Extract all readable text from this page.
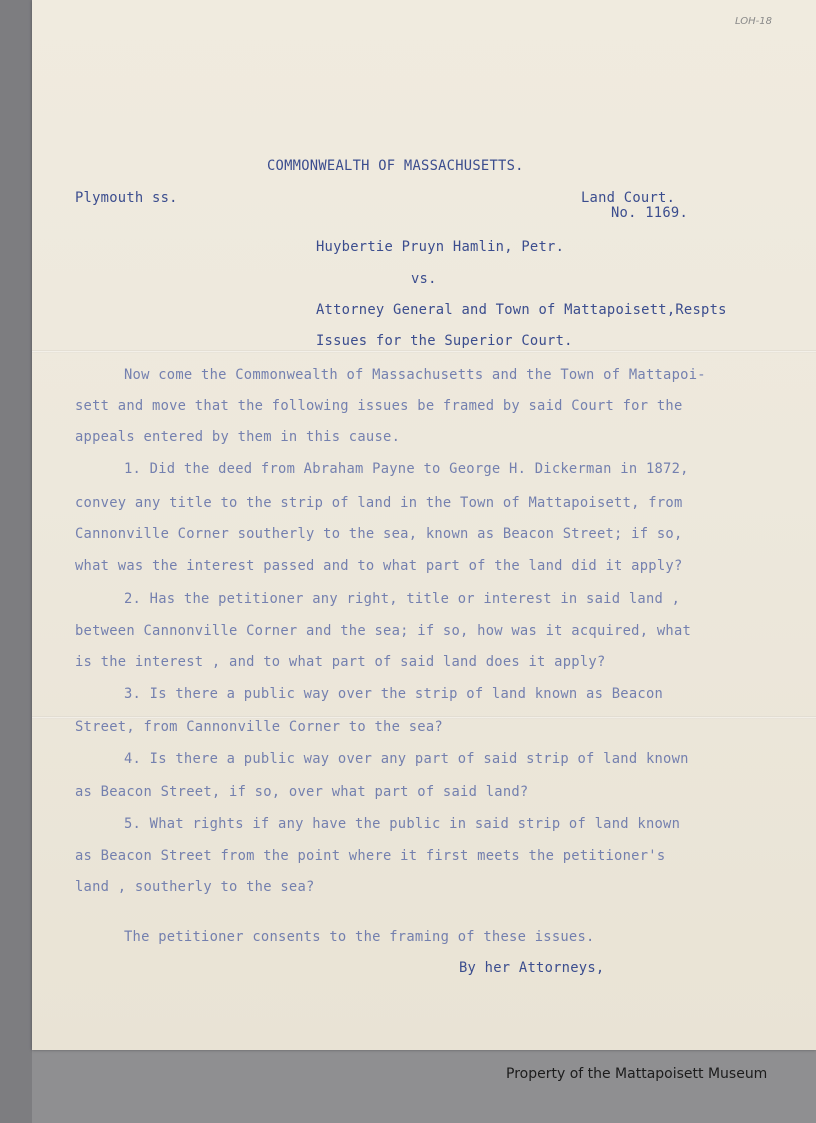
LOH-18
COMMONWEALTH OF MASSACHUSETTS.
Plymouth ss.	Land Court.
No. 1169.
Huybertie Pruyn Hamlin, Petr.
vs.
Attorney General and Town of Mattapoisett,Respts
Issues for the Superior Court.
Now come the Commonwealth of Massachusetts and the Town of Mattapoi-
sett and move that the following issues be framed by said Court for the
appeals entered by them in this cause.
1. Did the deed from Abraham Payne to George H. Dickerman in 1872,
convey any title to the strip of land in the Town of Mattapoisett, from
Cannonville Corner southerly to the sea, known as Beacon Street; if so,
what was the interest passed and to what part of the land did it apply?
2. Has the petitioner any right, title or interest in said land ,
between Cannonville Corner and the sea; if so, how was it acquired, what
is the interest , and to what part of said land does it apply?
3. Is there a public way over the strip of land known as Beacon
Street, from Cannonville Corner to the sea?
4. Is there a public way over any part of said strip of land known
as Beacon Street, if so, over what part of said land?
5. What rights if any have the public in said strip of land known
as Beacon Street from the point where it first meets the petitioner's
land , southerly to the sea?
The petitioner consents to the framing of these issues.
By her Attorneys,
Property of the Mattapoisett Museum
